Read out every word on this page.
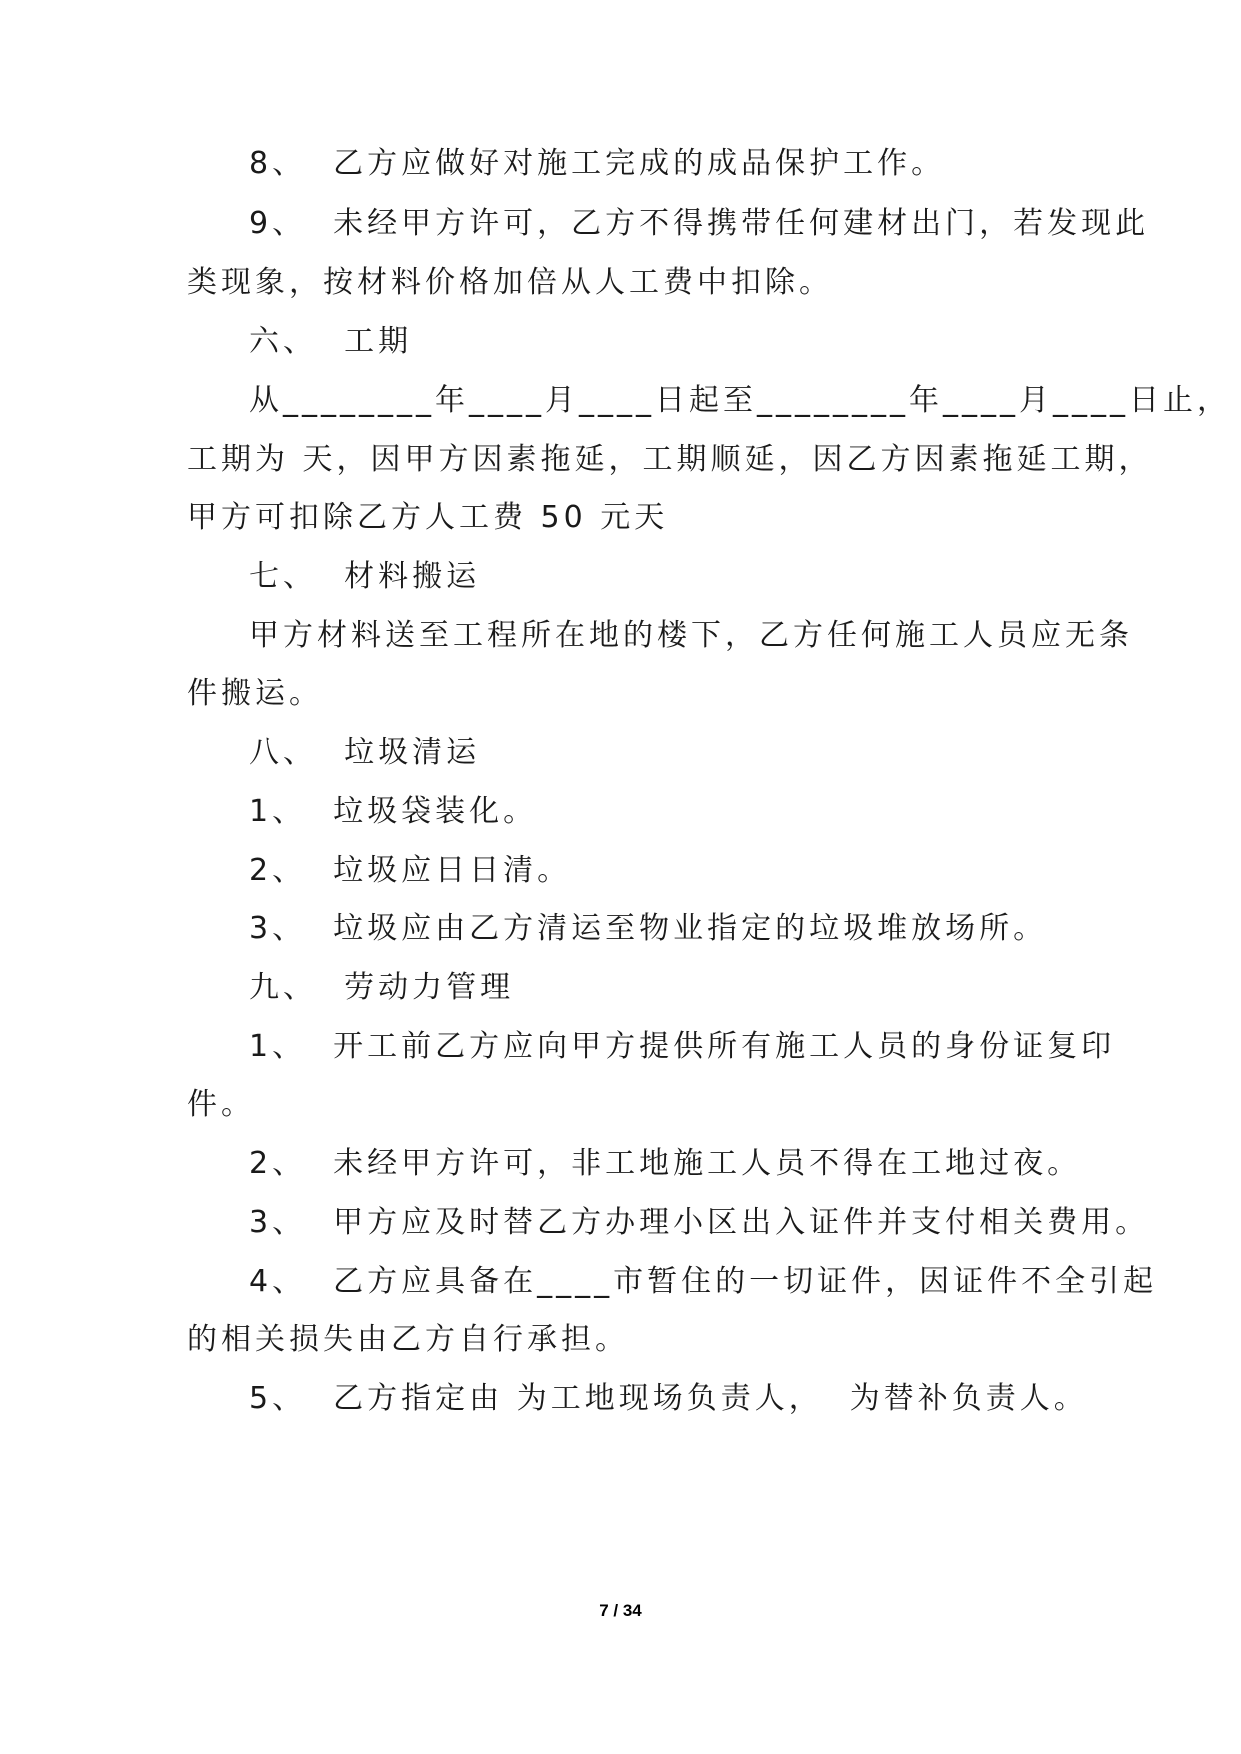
8、  乙方应做好对施工完成的成品保护工作。
9、  未经甲方许可，乙方不得携带任何建材出门，若发现此
类现象，按材料价格加倍从人工费中扣除。
六、  工期
从________年____月____日起至________年____月____日止，
工期为 天，因甲方因素拖延，工期顺延，因乙方因素拖延工期，
甲方可扣除乙方人工费 50 元天
七、  材料搬运
甲方材料送至工程所在地的楼下，乙方任何施工人员应无条
件搬运。
八、  垃圾清运
1、  垃圾袋装化。
2、  垃圾应日日清。
3、  垃圾应由乙方清运至物业指定的垃圾堆放场所。
九、  劳动力管理
1、  开工前乙方应向甲方提供所有施工人员的身份证复印
件。
2、  未经甲方许可，非工地施工人员不得在工地过夜。
3、  甲方应及时替乙方办理小区出入证件并支付相关费用。
4、  乙方应具备在____市暂住的一切证件，因证件不全引起
的相关损失由乙方自行承担。
5、  乙方指定由 为工地现场负责人，  为替补负责人。
7 / 34
